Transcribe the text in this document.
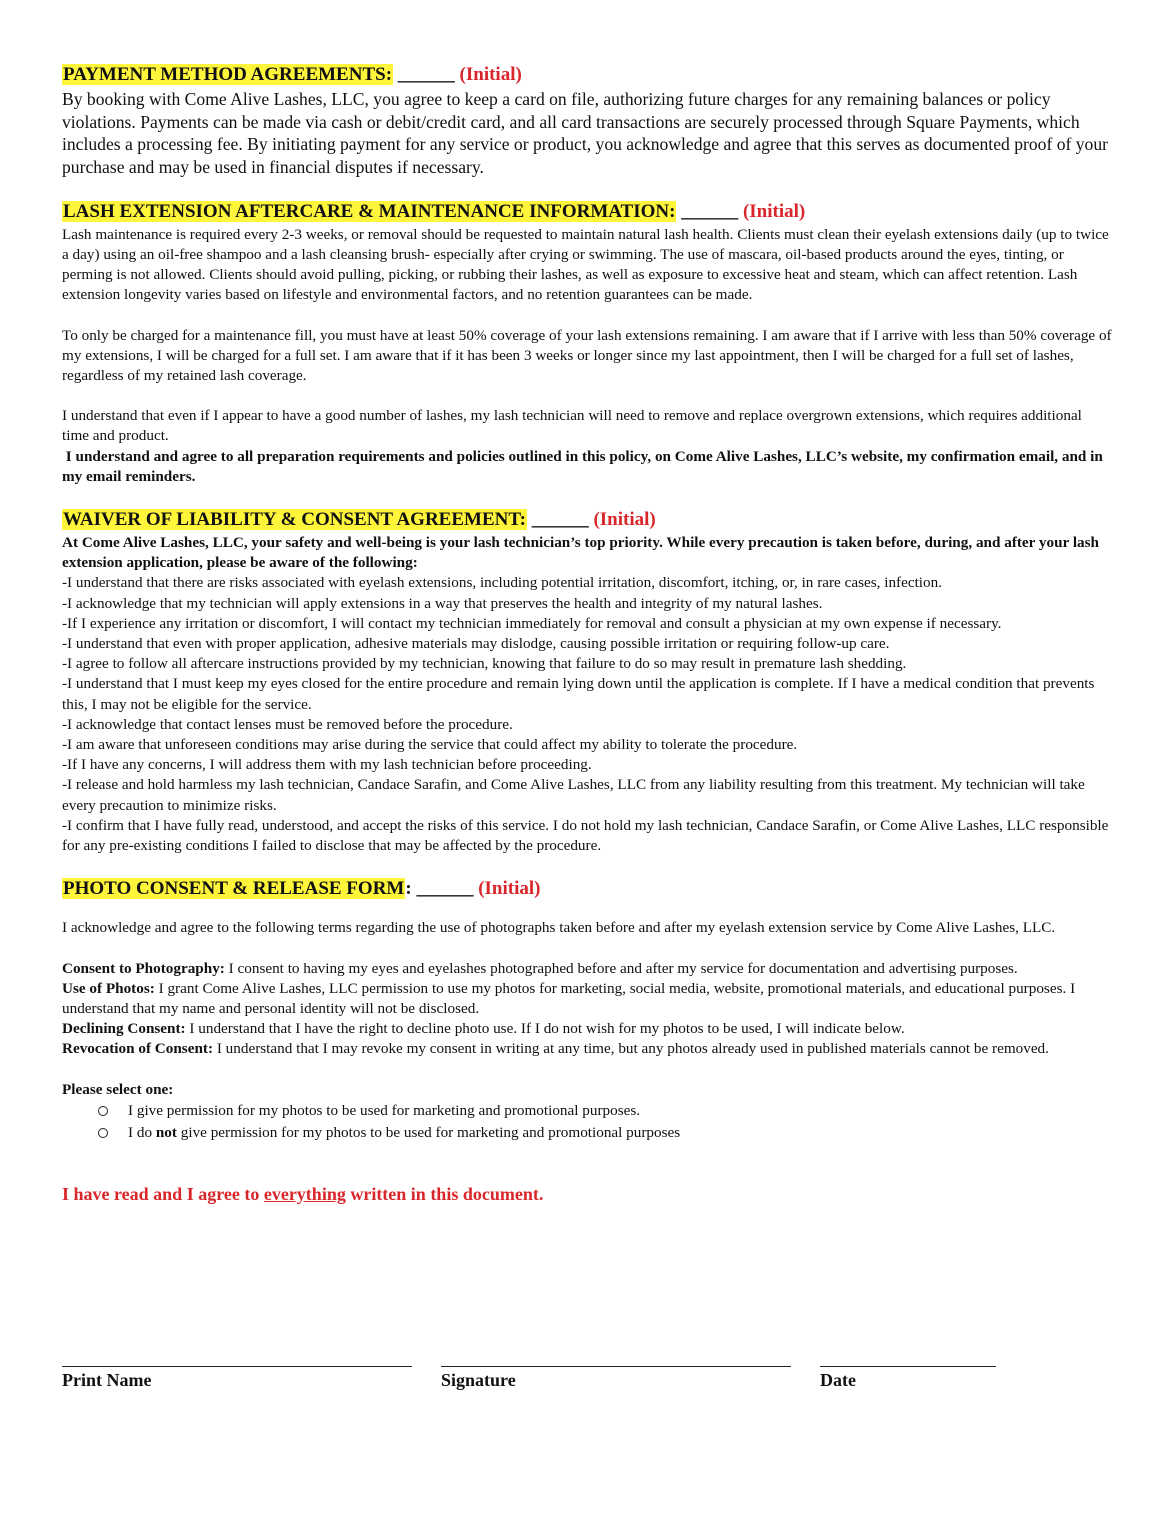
PAYMENT METHOD AGREEMENTS: ______ (Initial)

By booking with Come Alive Lashes, LLC, you agree to keep a card on file, authorizing future charges for any remaining balances or policy violations. Payments can be made via cash or debit/credit card, and all card transactions are securely processed through Square Payments, which includes a processing fee. By initiating payment for any service or product, you acknowledge and agree that this serves as documented proof of your purchase and may be used in financial disputes if necessary.

LASH EXTENSION AFTERCARE & MAINTENANCE INFORMATION: ______ (Initial)

Lash maintenance is required every 2-3 weeks, or removal should be requested to maintain natural lash health. Clients must clean their eyelash extensions daily (up to twice a day) using an oil-free shampoo and a lash cleansing brush- especially after crying or swimming. The use of mascara, oil-based products around the eyes, tinting, or perming is not allowed. Clients should avoid pulling, picking, or rubbing their lashes, as well as exposure to excessive heat and steam, which can affect retention. Lash extension longevity varies based on lifestyle and environmental factors, and no retention guarantees can be made.

To only be charged for a maintenance fill, you must have at least 50% coverage of your lash extensions remaining. I am aware that if I arrive with less than 50% coverage of my extensions, I will be charged for a full set. I am aware that if it has been 3 weeks or longer since my last appointment, then I will be charged for a full set of lashes, regardless of my retained lash coverage.

I understand that even if I appear to have a good number of lashes, my lash technician will need to remove and replace overgrown extensions, which requires additional time and product.

I understand and agree to all preparation requirements and policies outlined in this policy, on Come Alive Lashes, LLC’s website, my confirmation email, and in my email reminders.

WAIVER OF LIABILITY & CONSENT AGREEMENT: ______ (Initial)

At Come Alive Lashes, LLC, your safety and well-being is your lash technician’s top priority. While every precaution is taken before, during, and after your lash extension application, please be aware of the following:

-I understand that there are risks associated with eyelash extensions, including potential irritation, discomfort, itching, or, in rare cases, infection.

-I acknowledge that my technician will apply extensions in a way that preserves the health and integrity of my natural lashes.

-If I experience any irritation or discomfort, I will contact my technician immediately for removal and consult a physician at my own expense if necessary.

-I understand that even with proper application, adhesive materials may dislodge, causing possible irritation or requiring follow-up care.

-I agree to follow all aftercare instructions provided by my technician, knowing that failure to do so may result in premature lash shedding.

-I understand that I must keep my eyes closed for the entire procedure and remain lying down until the application is complete. If I have a medical condition that prevents this, I may not be eligible for the service.

-I acknowledge that contact lenses must be removed before the procedure.

-I am aware that unforeseen conditions may arise during the service that could affect my ability to tolerate the procedure.

-If I have any concerns, I will address them with my lash technician before proceeding.

-I release and hold harmless my lash technician, Candace Sarafin, and Come Alive Lashes, LLC from any liability resulting from this treatment. My technician will take every precaution to minimize risks.

-I confirm that I have fully read, understood, and accept the risks of this service. I do not hold my lash technician, Candace Sarafin, or Come Alive Lashes, LLC responsible for any pre-existing conditions I failed to disclose that may be affected by the procedure.

PHOTO CONSENT & RELEASE FORM: ______ (Initial)

I acknowledge and agree to the following terms regarding the use of photographs taken before and after my eyelash extension service by Come Alive Lashes, LLC.

Consent to Photography: I consent to having my eyes and eyelashes photographed before and after my service for documentation and advertising purposes.

Use of Photos: I grant Come Alive Lashes, LLC permission to use my photos for marketing, social media, website, promotional materials, and educational purposes. I understand that my name and personal identity will not be disclosed.

Declining Consent: I understand that I have the right to decline photo use. If I do not wish for my photos to be used, I will indicate below.

Revocation of Consent: I understand that I may revoke my consent in writing at any time, but any photos already used in published materials cannot be removed.

Please select one:

I give permission for my photos to be used for marketing and promotional purposes.
I do not give permission for my photos to be used for marketing and promotional purposes

I have read and I agree to everything written in this document.

Print Name	Signature	Date
